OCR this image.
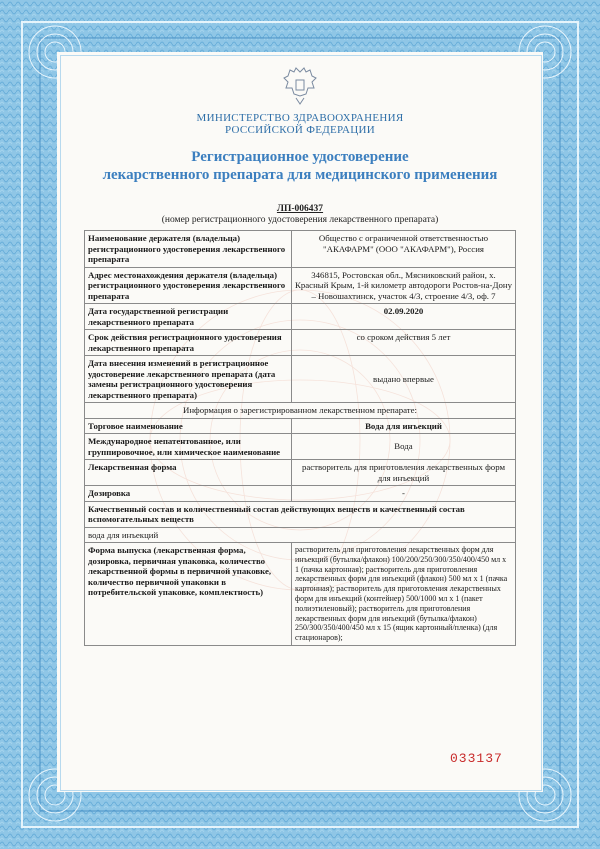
МИНИСТЕРСТВО ЗДРАВООХРАНЕНИЯ
РОССИЙСКОЙ ФЕДЕРАЦИИ
Регистрационное удостоверение
лекарственного препарата для медицинского применения
ЛП-006437
(номер регистрационного удостоверения лекарственного препарата)
Наименование держателя (владельца) регистрационного удостоверения лекарственного препарата	Общество с ограниченной ответственностью "АКАФАРМ" (ООО "АКАФАРМ"), Россия
Адрес местонахождения держателя (владельца) регистрационного удостоверения лекарственного препарата	346815, Ростовская обл., Мясниковский район, х. Красный Крым, 1-й километр автодороги Ростов-на-Дону – Новошахтинск, участок 4/3, строение 4/3, оф. 7
Дата государственной регистрации лекарственного препарата	02.09.2020
Срок действия регистрационного удостоверения лекарственного препарата	со сроком действия 5 лет
Дата внесения изменений в регистрационное удостоверение лекарственного препарата (дата замены регистрационного удостоверения лекарственного препарата)	выдано впервые
Информация о зарегистрированном лекарственном препарате:	
Торговое наименование	Вода для инъекций
Международное непатентованное, или группировочное, или химическое наименование	Вода
Лекарственная форма	растворитель для приготовления лекарственных форм для инъекций
Дозировка	-
Качественный состав и количественный состав действующих веществ и качественный состав вспомогательных веществ	
вода для инъекций	
Форма выпуска (лекарственная форма, дозировка, первичная упаковка, количество лекарственной формы в первичной упаковке, количество первичной упаковки в потребительской упаковке, комплектность)	растворитель для приготовления лекарственных форм для инъекций (бутылка/флакон) 100/200/250/300/350/400/450 мл x 1 (пачка картонная); растворитель для приготовления лекарственных форм для инъекций (флакон) 500 мл x 1 (пачка картонная); растворитель для приготовления лекарственных форм для инъекций (контейнер) 500/1000 мл x 1 (пакет полиэтиленовый); растворитель для приготовления лекарственных форм для инъекций (бутылка/флакон) 250/300/350/400/450 мл x 15 (ящик картонный/пленка) (для стационаров);
033137
